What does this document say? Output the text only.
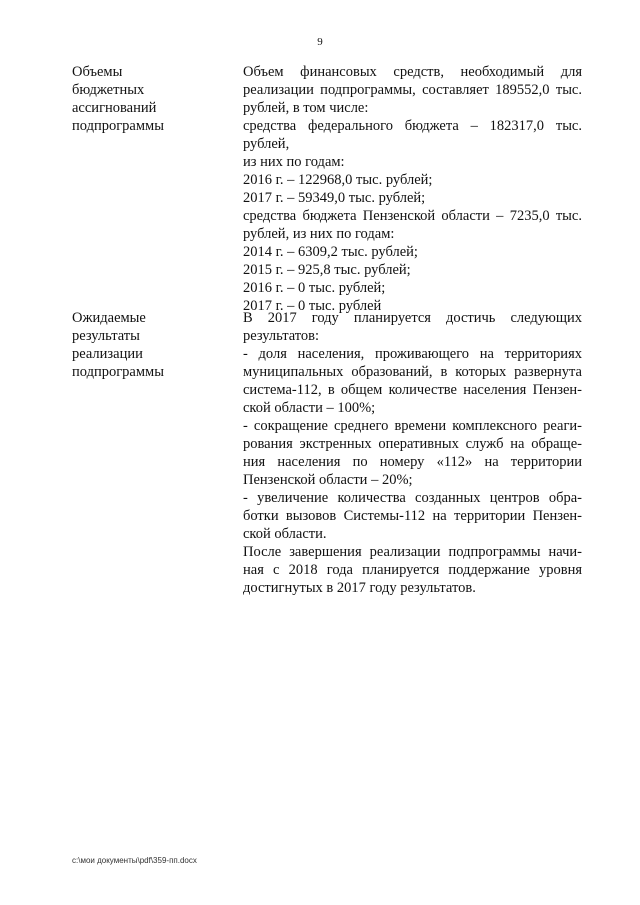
9
Объемы
бюджетных
ассигнований
подпрограммы
Объем финансовых средств, необходимый для
реализации подпрограммы, составляет 189552,0 тыс.
рублей, в том числе:
средства федерального бюджета – 182317,0 тыс.
рублей,
из них по годам:
2016 г. – 122968,0 тыс. рублей;
2017 г. – 59349,0 тыс. рублей;
средства бюджета Пензенской области – 7235,0 тыс.
рублей, из них по годам:
2014 г. – 6309,2 тыс. рублей;
2015 г. – 925,8 тыс. рублей;
2016 г. – 0 тыс. рублей;
2017 г. – 0 тыс. рублей
Ожидаемые
результаты
реализации
подпрограммы
В 2017 году планируется достичь следующих
результатов:
- доля населения, проживающего на территориях
муниципальных образований, в которых развернута
система-112, в общем количестве населения Пензен-
ской области – 100%;
- сокращение среднего времени комплексного реаги-
рования экстренных оперативных служб на обраще-
ния населения по номеру «112» на территории
Пензенской области – 20%;
- увеличение количества созданных центров обра-
ботки вызовов Системы-112 на территории Пензен-
ской области.
После завершения реализации подпрограммы начи-
ная с 2018 года планируется поддержание уровня
достигнутых в 2017 году результатов.
c:\мои документы\pdf\359-пп.docx
